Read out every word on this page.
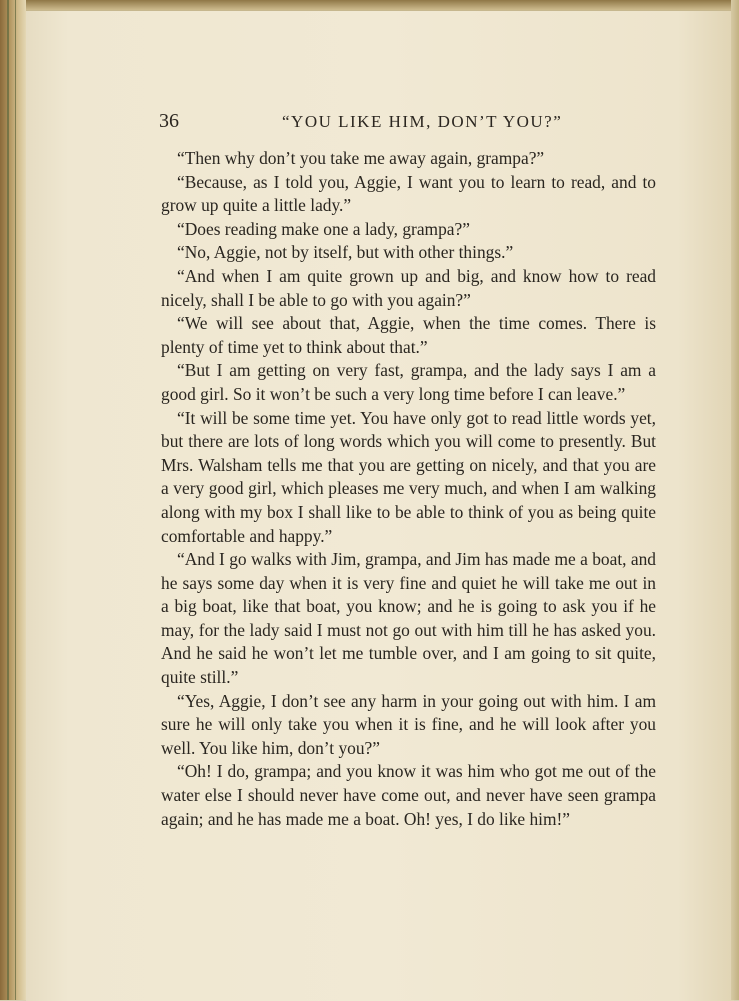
36	“YOU LIKE HIM, DON’T YOU?”

“Then why don’t you take me away again, grampa?”

“Because, as I told you, Aggie, I want you to learn to read, and to grow up quite a little lady.”

“Does reading make one a lady, grampa?”

“No, Aggie, not by itself, but with other things.”

“And when I am quite grown up and big, and know how to read nicely, shall I be able to go with you again?”

“We will see about that, Aggie, when the time comes. There is plenty of time yet to think about that.”

“But I am getting on very fast, grampa, and the lady says I am a good girl. So it won’t be such a very long time before I can leave.”

“It will be some time yet. You have only got to read little words yet, but there are lots of long words which you will come to presently. But Mrs. Walsham tells me that you are getting on nicely, and that you are a very good girl, which pleases me very much, and when I am walking along with my box I shall like to be able to think of you as being quite comfortable and happy.”

“And I go walks with Jim, grampa, and Jim has made me a boat, and he says some day when it is very fine and quiet he will take me out in a big boat, like that boat, you know; and he is going to ask you if he may, for the lady said I must not go out with him till he has asked you. And he said he won’t let me tumble over, and I am going to sit quite, quite still.”

“Yes, Aggie, I don’t see any harm in your going out with him. I am sure he will only take you when it is fine, and he will look after you well. You like him, don’t you?”

“Oh! I do, grampa; and you know it was him who got me out of the water else I should never have come out, and never have seen grampa again; and he has made me a boat. Oh! yes, I do like him!”
